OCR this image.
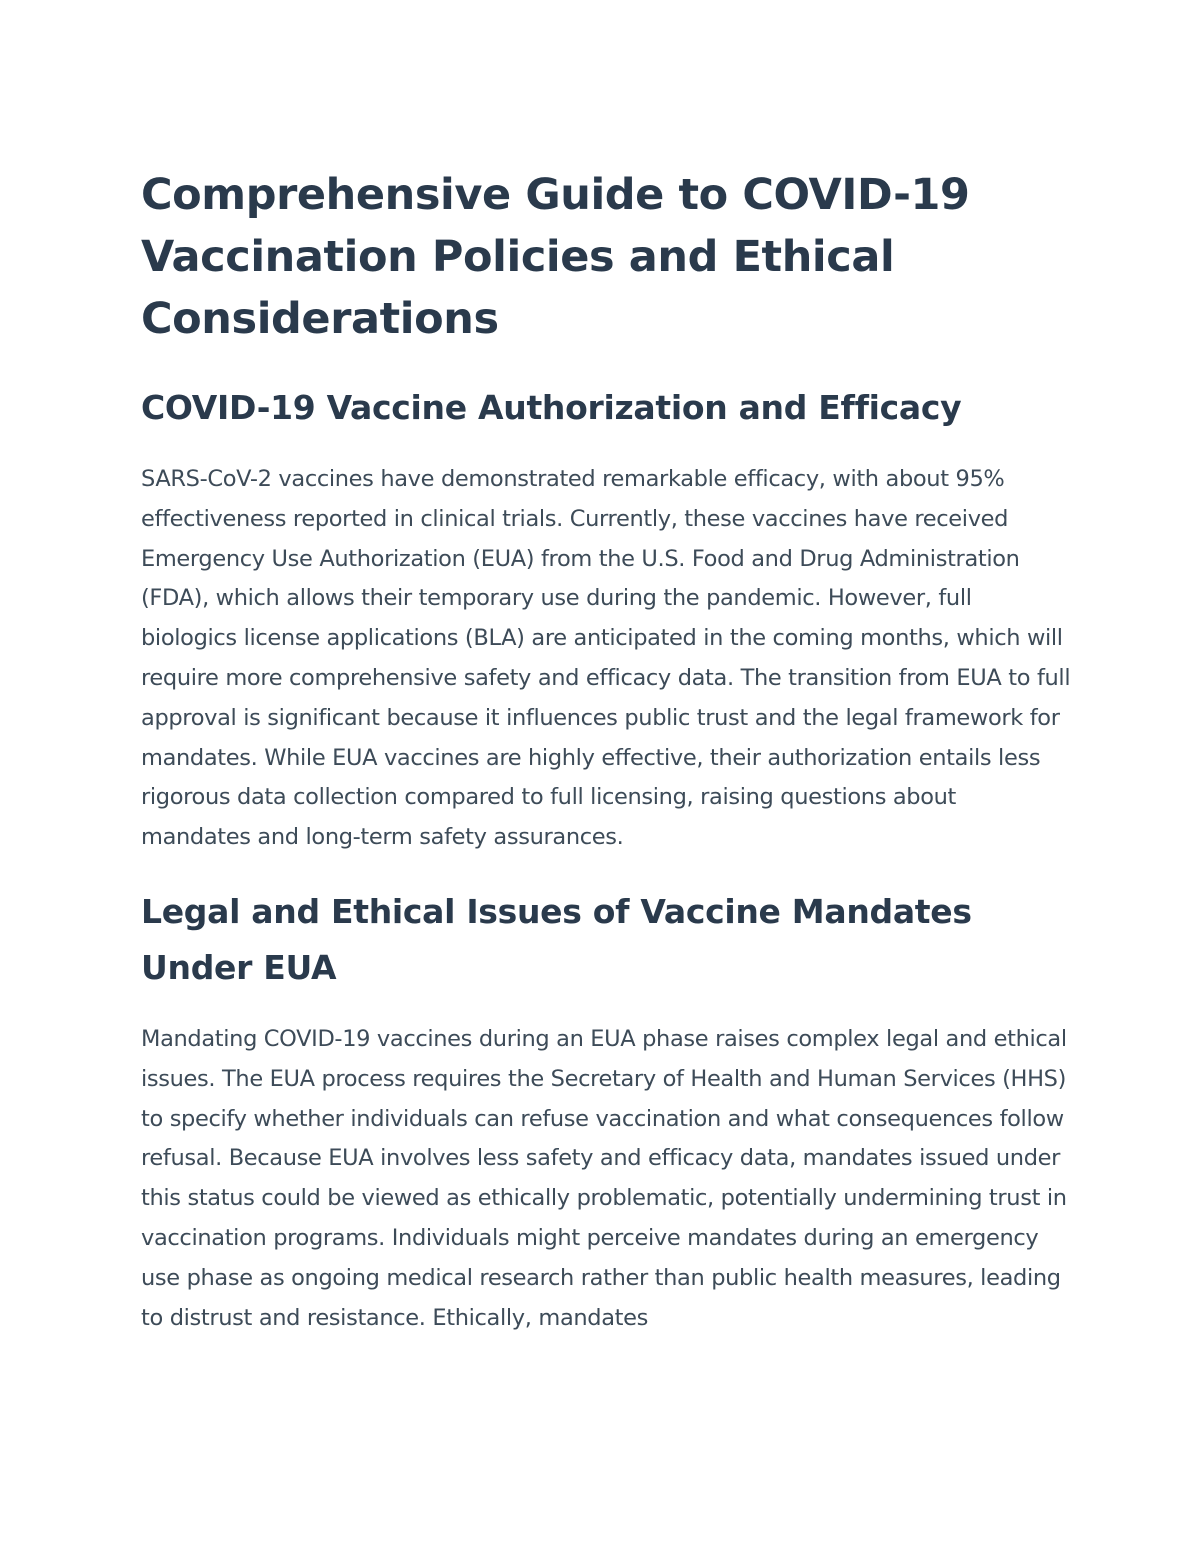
Comprehensive Guide to COVID-19 Vaccination Policies and Ethical Considerations
COVID-19 Vaccine Authorization and Efficacy

SARS-CoV-2 vaccines have demonstrated remarkable efficacy, with about 95% effectiveness reported in clinical trials. Currently, these vaccines have received Emergency Use Authorization (EUA) from the U.S. Food and Drug Administration (FDA), which allows their temporary use during the pandemic. However, full biologics license applications (BLA) are anticipated in the coming months, which will require more comprehensive safety and efficacy data. The transition from EUA to full approval is significant because it influences public trust and the legal framework for mandates. While EUA vaccines are highly effective, their authorization entails less rigorous data collection compared to full licensing, raising questions about mandates and long-term safety assurances.

Legal and Ethical Issues of Vaccine Mandates Under EUA

Mandating COVID-19 vaccines during an EUA phase raises complex legal and ethical issues. The EUA process requires the Secretary of Health and Human Services (HHS) to specify whether individuals can refuse vaccination and what consequences follow refusal. Because EUA involves less safety and efficacy data, mandates issued under this status could be viewed as ethically problematic, potentially undermining trust in vaccination programs. Individuals might perceive mandates during an emergency use phase as ongoing medical research rather than public health measures, leading to distrust and resistance. Ethically, mandates
